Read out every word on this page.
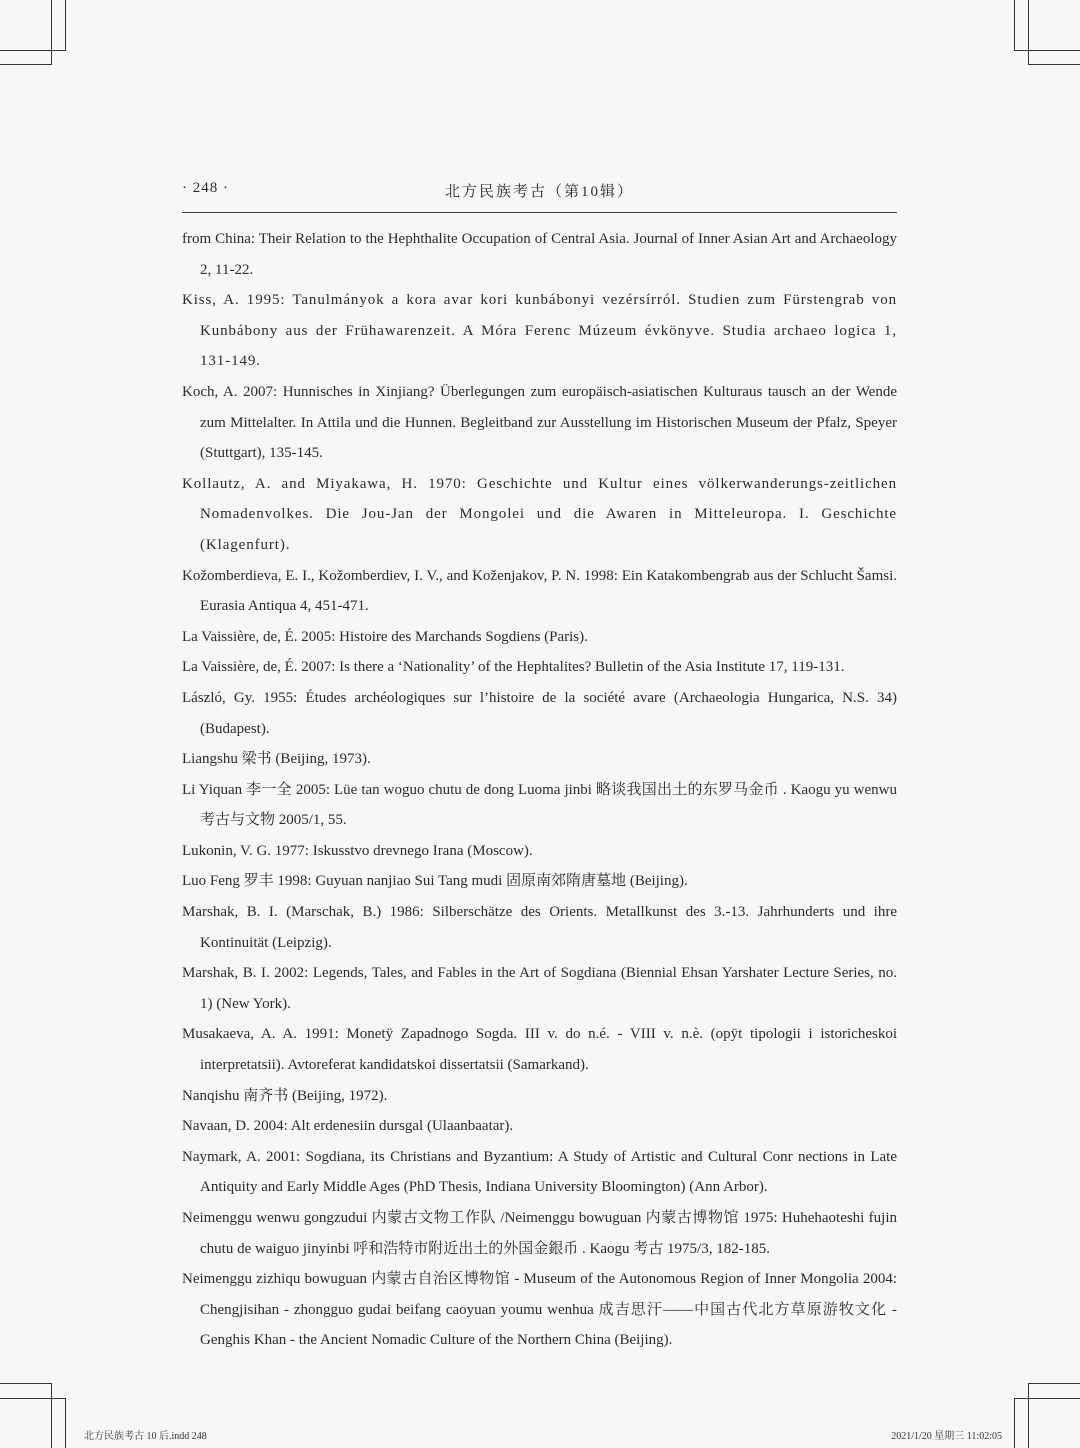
· 248 ·	北方民族考古（第10辑）
from China: Their Relation to the Hephthalite Occupation of Central Asia. Journal of Inner Asian Art and Archaeology 2, 11-22.
Kiss, A. 1995: Tanulmányok a kora avar kori kunbábonyi vezérsírról. Studien zum Fürstengrab von Kunbábony aus der Frühawarenzeit. A Móra Ferenc Múzeum évkönyve. Studia archaeo logica 1, 131-149.
Koch, A. 2007: Hunnisches in Xinjiang? Überlegungen zum europäisch-asiatischen Kulturaus tausch an der Wende zum Mittelalter. In Attila und die Hunnen. Begleitband zur Ausstellung im Historischen Museum der Pfalz, Speyer (Stuttgart), 135-145.
Kollautz, A. and Miyakawa, H. 1970: Geschichte und Kultur eines völkerwanderungs-zeitlichen Nomadenvolkes. Die Jou-Jan der Mongolei und die Awaren in Mitteleuropa. I. Geschichte (Klagenfurt).
Kožomberdieva, E. I., Kožomberdiev, I. V., and Koženjakov, P. N. 1998: Ein Katakombengrab aus der Schlucht Šamsi. Eurasia Antiqua 4, 451-471.
La Vaissière, de, É. 2005: Histoire des Marchands Sogdiens (Paris).
La Vaissière, de, É. 2007: Is there a ‘Nationality’ of the Hephtalites? Bulletin of the Asia Institute 17, 119-131.
László, Gy. 1955: Études archéologiques sur l’histoire de la société avare (Archaeologia Hungarica, N.S. 34) (Budapest).
Liangshu 梁书 (Beijing, 1973).
Li Yiquan 李一全 2005: Lüe tan woguo chutu de dong Luoma jinbi 略谈我国出土的东罗马金币 . Kaogu yu wenwu 考古与文物 2005/1, 55.
Lukonin, V. G. 1977: Iskusstvo drevnego Irana (Moscow).
Luo Feng 罗丰 1998: Guyuan nanjiao Sui Tang mudi 固原南郊隋唐墓地 (Beijing).
Marshak, B. I. (Marschak, B.) 1986: Silberschätze des Orients. Metallkunst des 3.-13. Jahrhunderts und ihre Kontinuität (Leipzig).
Marshak, B. I. 2002: Legends, Tales, and Fables in the Art of Sogdiana (Biennial Ehsan Yarshater Lecture Series, no. 1) (New York).
Musakaeva, A. A. 1991: Monetÿ Zapadnogo Sogda. III v. do n.é. - VIII v. n.è. (opÿt tipologii i istoricheskoi interpretatsii). Avtoreferat kandidatskoi dissertatsii (Samarkand).
Nanqishu 南齐书 (Beijing, 1972).
Navaan, D. 2004: Alt erdenesiin dursgal (Ulaanbaatar).
Naymark, A. 2001: Sogdiana, its Christians and Byzantium: A Study of Artistic and Cultural Conr nections in Late Antiquity and Early Middle Ages (PhD Thesis, Indiana University Bloomington) (Ann Arbor).
Neimenggu wenwu gongzudui 内蒙古文物工作队 /Neimenggu bowuguan 内蒙古博物馆 1975: Huhehaoteshi fujin chutu de waiguo jinyinbi 呼和浩特市附近出土的外国金銀币 . Kaogu 考古 1975/3, 182-185.
Neimenggu zizhiqu bowuguan 内蒙古自治区博物馆 - Museum of the Autonomous Region of Inner Mongolia 2004: Chengjisihan - zhongguo gudai beifang caoyuan youmu wenhua 成吉思汗——中国古代北方草原游牧文化 - Genghis Khan - the Ancient Nomadic Culture of the Northern China (Beijing).
北方民族考古 10 后.indd 248	2021/1/20 星期三 11:02:05
